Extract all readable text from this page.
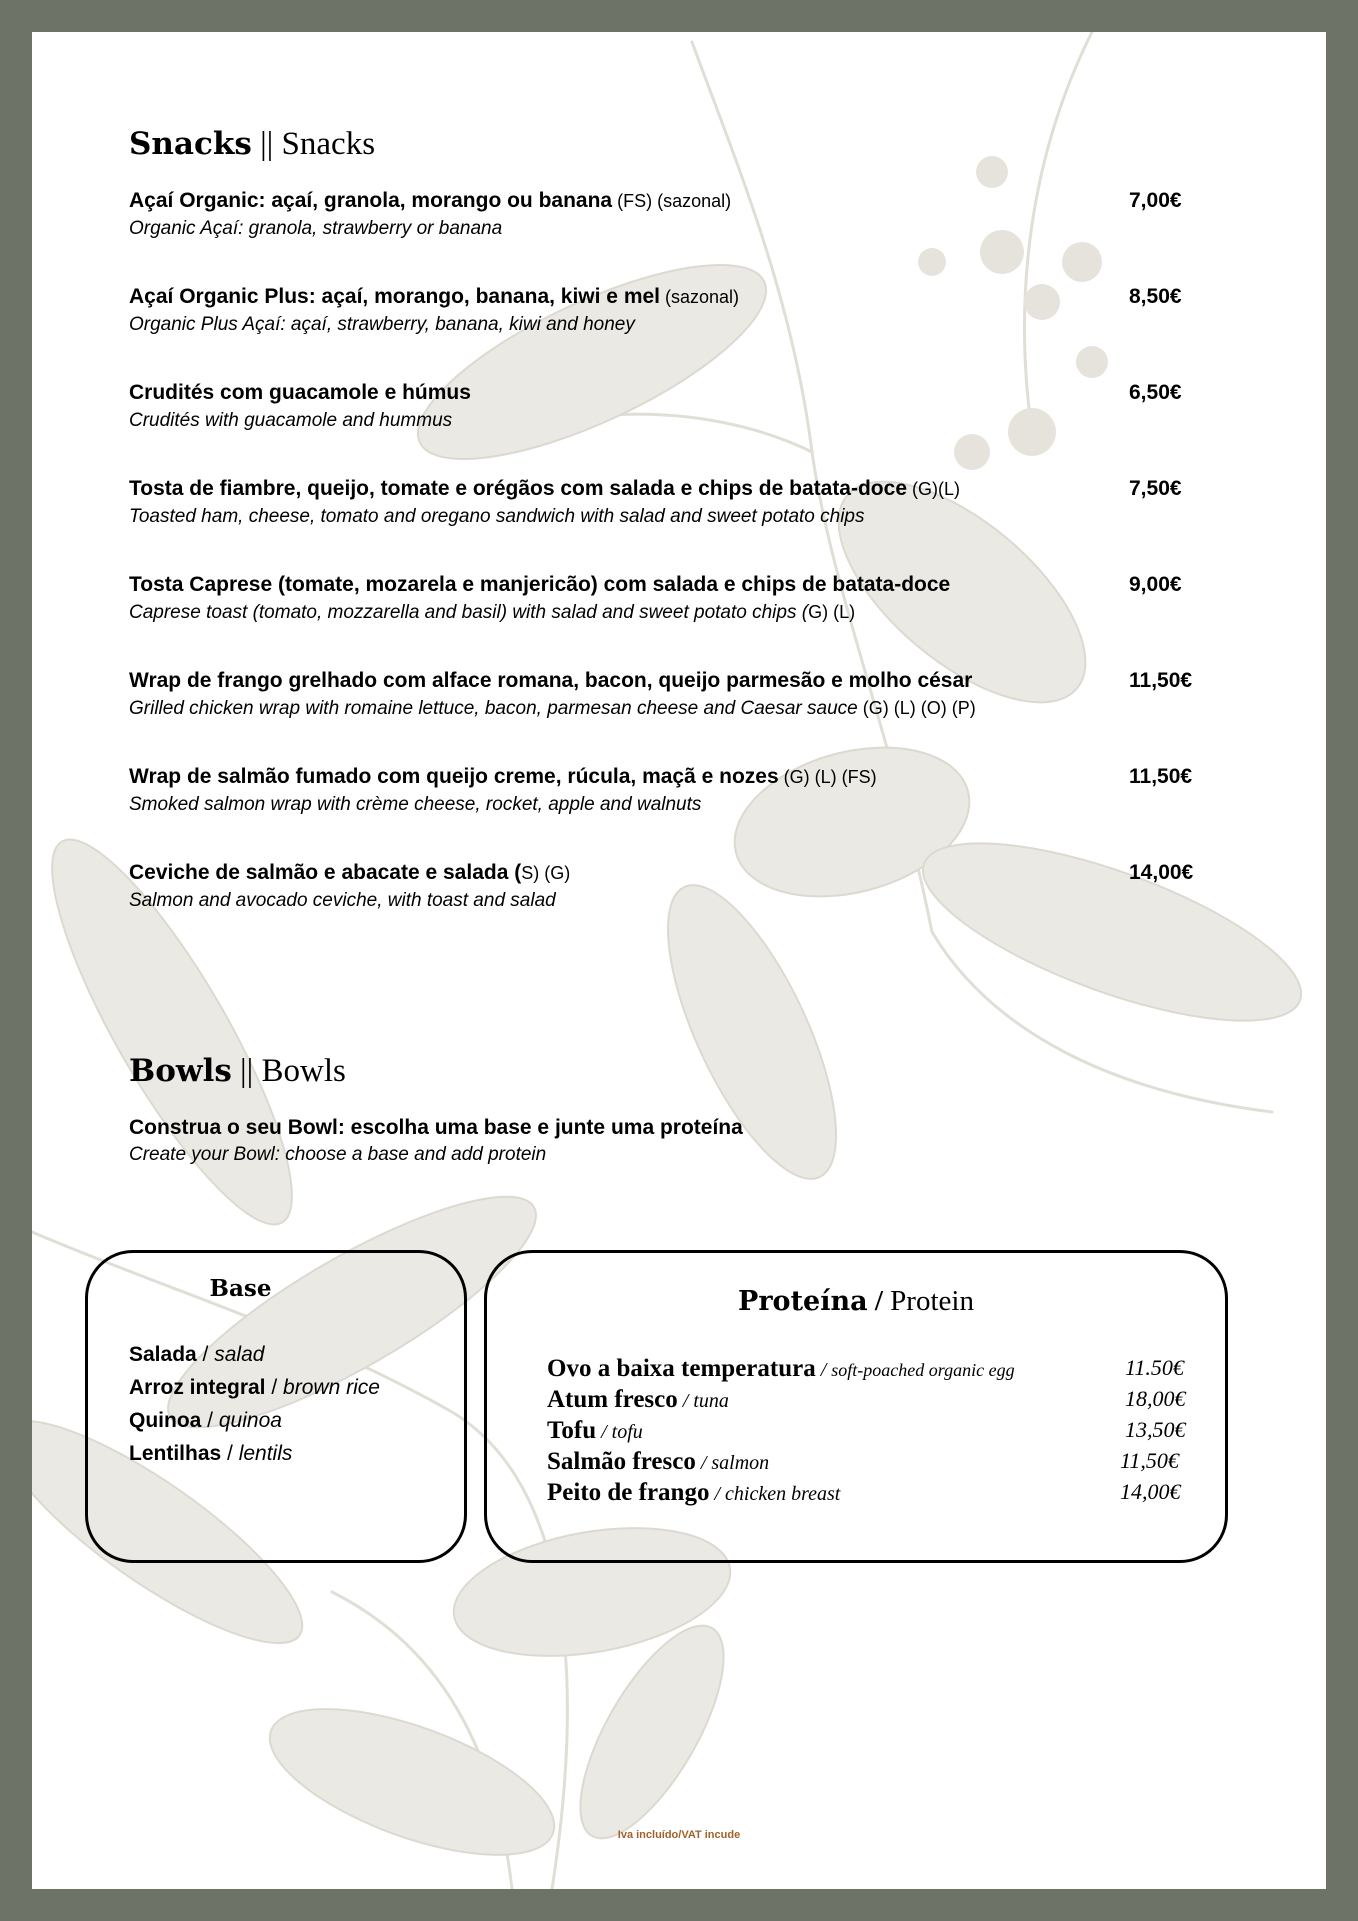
Snacks || Snacks
Açaí Organic: açaí, granola, morango ou banana (FS) (sazonal)
Organic Açaí: granola, strawberry or banana
7,00€
Açaí Organic Plus: açaí, morango, banana, kiwi e mel (sazonal)
Organic Plus Açaí: açaí, strawberry, banana, kiwi and honey
8,50€
Crudités com guacamole e húmus
Crudités with guacamole and hummus
6,50€
Tosta de fiambre, queijo, tomate e orégãos com salada e chips de batata-doce (G)(L)
Toasted ham, cheese, tomato and oregano sandwich with salad and sweet potato chips
7,50€
Tosta Caprese (tomate, mozarela e manjericão) com salada e chips de batata-doce
Caprese toast (tomato, mozzarella and basil) with salad and sweet potato chips (G) (L)
9,00€
Wrap de frango grelhado com alface romana, bacon, queijo parmesão e molho césar
Grilled chicken wrap with romaine lettuce, bacon, parmesan cheese and Caesar sauce (G) (L) (O) (P)
11,50€
Wrap de salmão fumado com queijo creme, rúcula, maçã e nozes (G) (L) (FS)
Smoked salmon wrap with crème cheese, rocket, apple and walnuts
11,50€
Ceviche de salmão e abacate e salada (S) (G)
Salmon and avocado ceviche, with toast and salad
14,00€
Bowls || Bowls
Construa o seu Bowl: escolha uma base e junte uma proteína
Create your Bowl: choose a base and add protein
Base
Salada / salad
Arroz integral / brown rice
Quinoa / quinoa
Lentilhas / lentils
Proteína / Protein
Ovo a baixa temperatura / soft-poached organic egg	11.50€
Atum fresco / tuna	18,00€
Tofu / tofu	13,50€
Salmão fresco / salmon	11,50€
Peito de frango / chicken breast	14,00€
Iva incluído/VAT incude
